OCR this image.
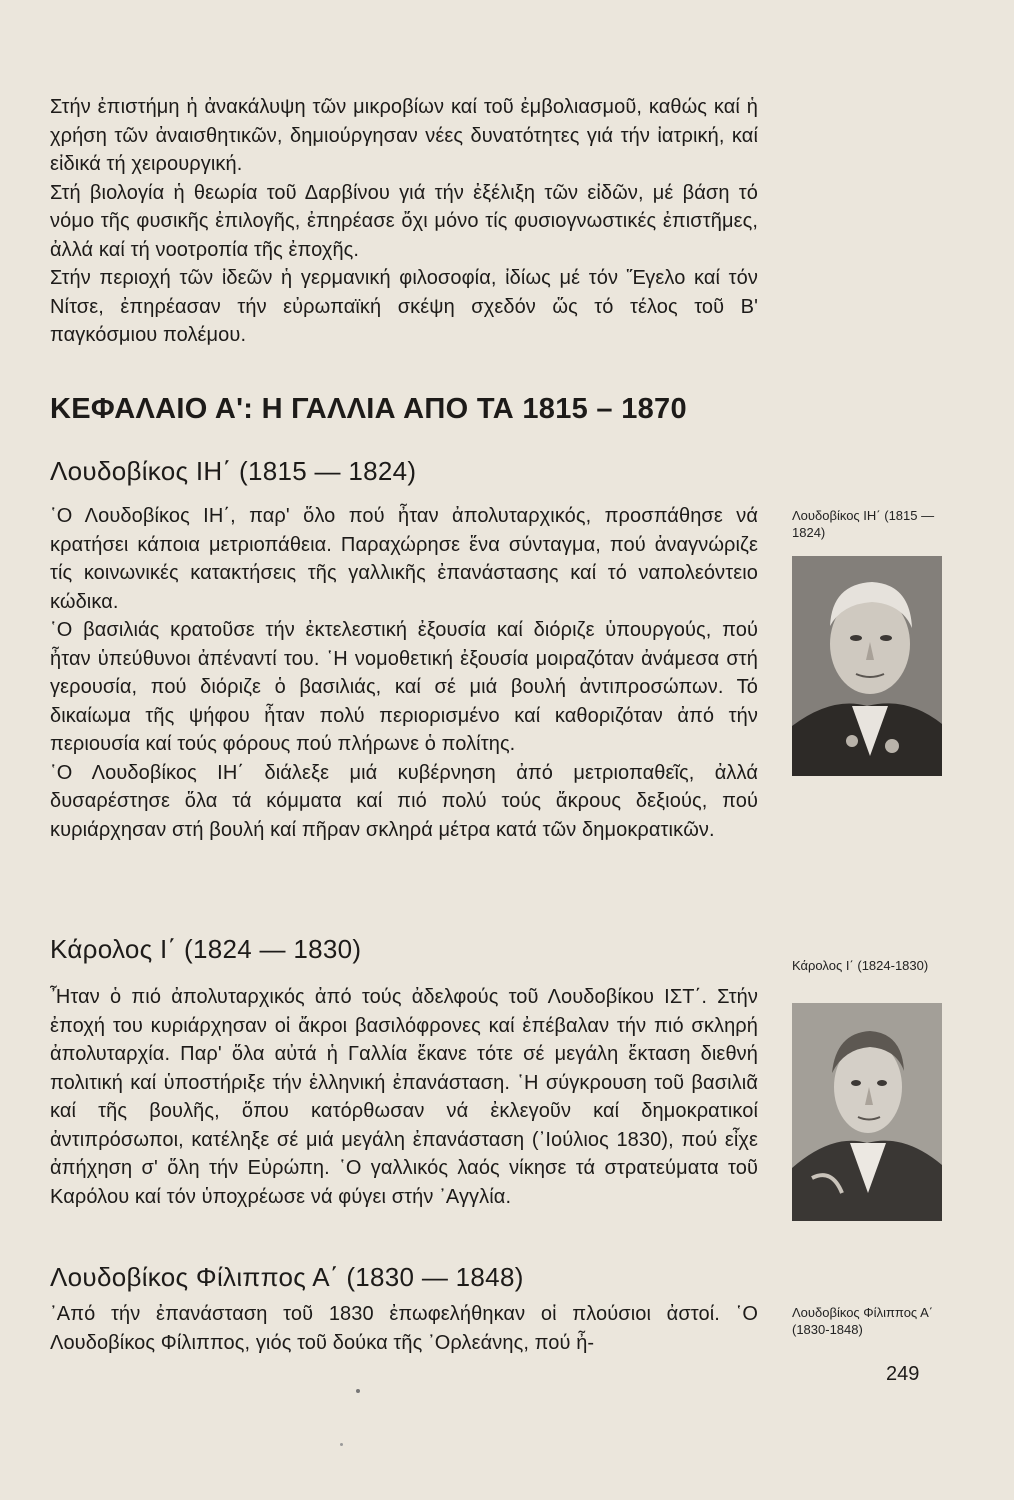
Στήν ἐπιστήμη ἡ ἀνακάλυψη τῶν μικροβίων καί τοῦ ἐμβολιασμοῦ, καθώς καί ἡ χρήση τῶν ἀναισθητικῶν, δημιούργησαν νέες δυνατότητες γιά τήν ἰατρική, καί εἰδικά τή χειρουργική.

Στή βιολογία ἡ θεωρία τοῦ Δαρβίνου γιά τήν ἐξέλιξη τῶν εἰδῶν, μέ βάση τό νόμο τῆς φυσικῆς ἐπιλογῆς, ἐπηρέασε ὄχι μόνο τίς φυσιογνωστικές ἐπιστῆμες, ἀλλά καί τή νοοτροπία τῆς ἐποχῆς.

Στήν περιοχή τῶν ἰδεῶν ἡ γερμανική φιλοσοφία, ἰδίως μέ τόν Ἕγελο καί τόν Νίτσε, ἐπηρέασαν τήν εὐρωπαϊκή σκέψη σχεδόν ὥς τό τέλος τοῦ Β' παγκόσμιου πολέμου.

ΚΕΦΑΛΑΙΟ Α': Η ΓΑΛΛΙΑ ΑΠΟ ΤΑ 1815 – 1870
Λουδοβίκος ΙΗ΄ (1815 — 1824)

῾Ο Λουδοβίκος ΙΗ΄, παρ' ὅλο πού ἦταν ἀπολυταρχικός, προσπάθησε νά κρατήσει κάποια μετριοπάθεια. Παραχώρησε ἕνα σύνταγμα, πού ἀναγνώριζε τίς κοινωνικές κατακτήσεις τῆς γαλλικῆς ἐπανάστασης καί τό ναπολεόντειο κώδικα.

῾Ο βασιλιάς κρατοῦσε τήν ἐκτελεστική ἐξουσία καί διόριζε ὑπουργούς, πού ἦταν ὑπεύθυνοι ἀπέναντί του. ῾Η νομοθετική ἐξουσία μοιραζόταν ἀνάμεσα στή γερουσία, πού διόριζε ὁ βασιλιάς, καί σέ μιά βουλή ἀντιπροσώπων. Τό δικαίωμα τῆς ψήφου ἦταν πολύ περιορισμένο καί καθοριζόταν ἀπό τήν περιουσία καί τούς φόρους πού πλήρωνε ὁ πολίτης.

῾Ο Λουδοβίκος ΙΗ΄ διάλεξε μιά κυβέρνηση ἀπό μετριοπαθεῖς, ἀλλά δυσαρέστησε ὅλα τά κόμματα καί πιό πολύ τούς ἄκρους δεξιούς, πού κυριάρχησαν στή βουλή καί πῆραν σκληρά μέτρα κατά τῶν δημοκρατικῶν.

Λουδοβίκος ΙΗ΄ (1815 — 1824)
Κάρολος Ι΄ (1824 — 1830)

Ἦταν ὁ πιό ἀπολυταρχικός ἀπό τούς ἀδελφούς τοῦ Λουδοβίκου ΙΣΤ΄. Στήν ἐποχή του κυριάρχησαν οἱ ἄκροι βασιλόφρονες καί ἐπέβαλαν τήν πιό σκληρή ἀπολυταρχία. Παρ' ὅλα αὐτά ἡ Γαλλία ἔκανε τότε σέ μεγάλη ἔκταση διεθνή πολιτική καί ὑποστήριξε τήν ἑλληνική ἐπανάσταση. ῾Η σύγκρουση τοῦ βασιλιᾶ καί τῆς βουλῆς, ὅπου κατόρθωσαν νά ἐκλεγοῦν καί δημοκρατικοί ἀντιπρόσωποι, κατέληξε σέ μιά μεγάλη ἐπανάσταση (᾿Ιούλιος 1830), πού εἶχε ἀπήχηση σ' ὅλη τήν Εὐρώπη. ῾Ο γαλλικός λαός νίκησε τά στρατεύματα τοῦ Καρόλου καί τόν ὑποχρέωσε νά φύγει στήν ᾿Αγγλία.

Κάρολος Ι΄ (1824-1830)
Λουδοβίκος Φίλιππος Α΄ (1830 — 1848)

᾿Από τήν ἐπανάσταση τοῦ 1830 ἐπωφελήθηκαν οἱ πλούσιοι ἀστοί. ῾Ο Λουδοβίκος Φίλιππος, γιός τοῦ δούκα τῆς ᾿Ορλεάνης, πού ἦ-

Λουδοβίκος Φίλιππος Α΄ (1830-1848)
249
